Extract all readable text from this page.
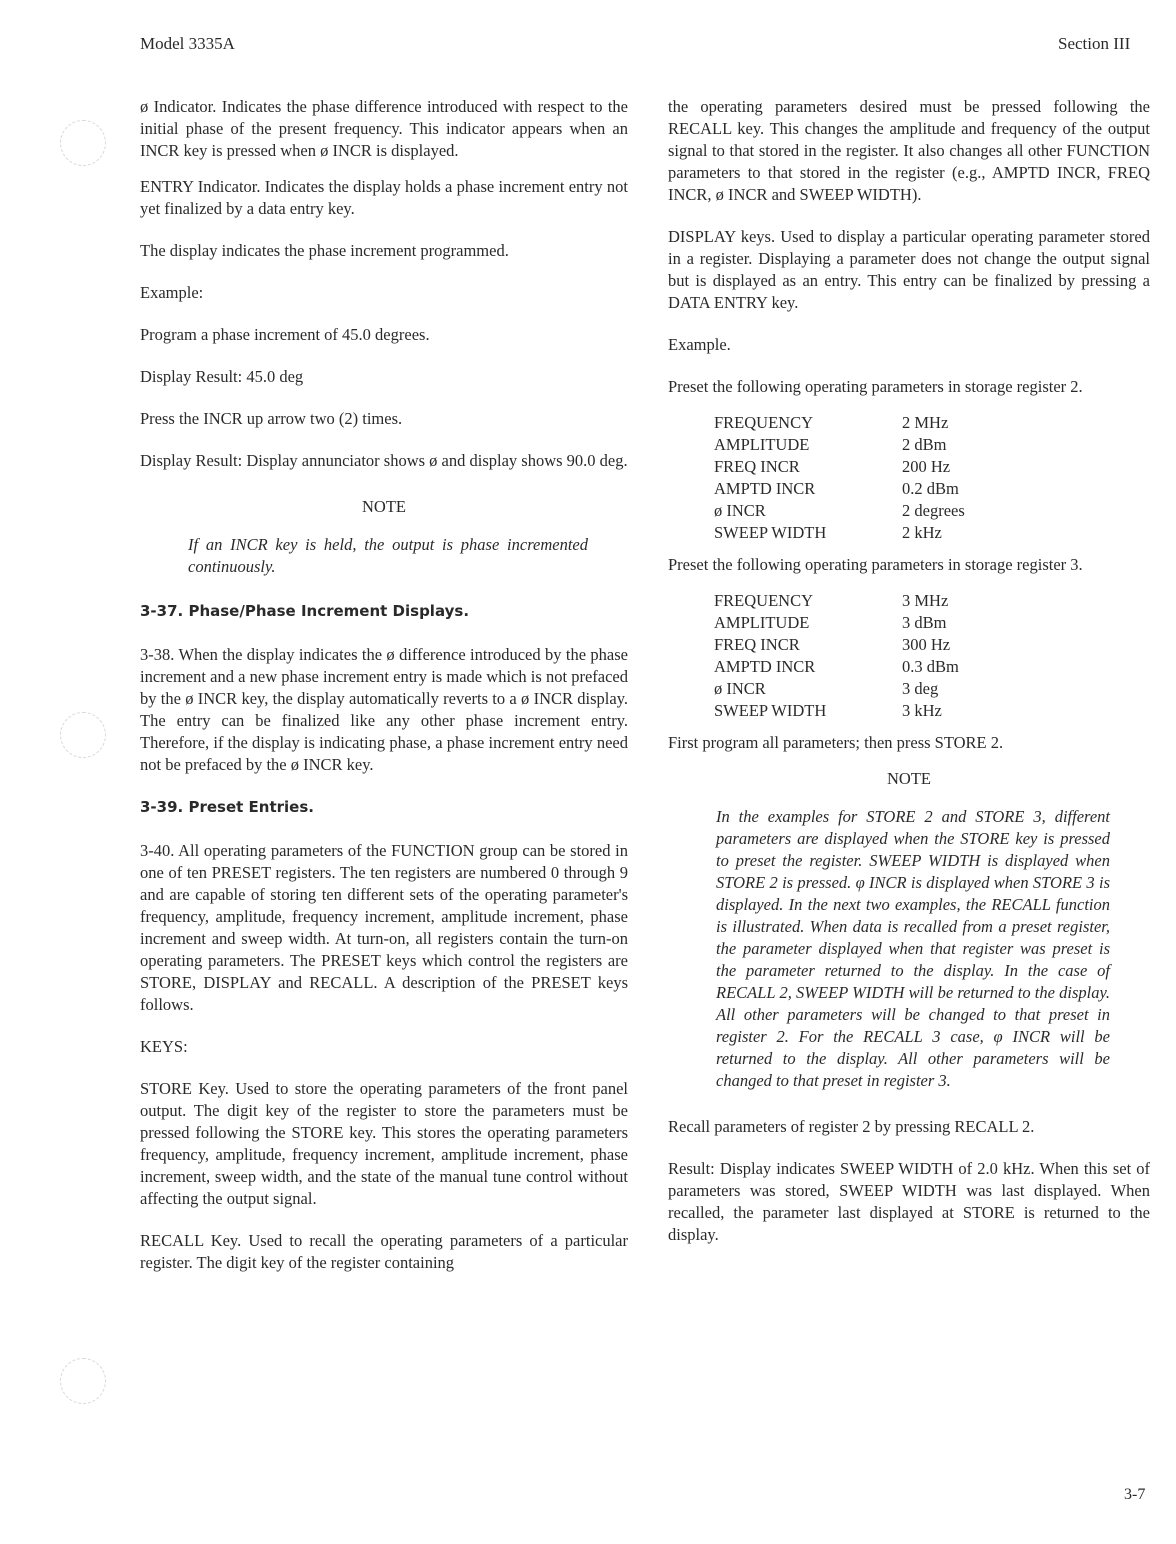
Model 3335A	Section III

ø Indicator. Indicates the phase difference introduced with respect to the initial phase of the present frequency. This indicator appears when an INCR key is pressed when ø INCR is displayed.

ENTRY Indicator. Indicates the display holds a phase increment entry not yet finalized by a data entry key.

The display indicates the phase increment programmed.

Example:

Program a phase increment of 45.0 degrees.

Display Result: 45.0 deg

Press the INCR up arrow two (2) times.

Display Result: Display annunciator shows ø and display shows 90.0 deg.

NOTE

If an INCR key is held, the output is phase incremented continuously.

3-37. Phase/Phase Increment Displays.

3-38. When the display indicates the ø difference introduced by the phase increment and a new phase increment entry is made which is not prefaced by the ø INCR key, the display automatically reverts to a ø INCR display. The entry can be finalized like any other phase increment entry. Therefore, if the display is indicating phase, a phase increment entry need not be prefaced by the ø INCR key.

3-39. Preset Entries.

3-40. All operating parameters of the FUNCTION group can be stored in one of ten PRESET registers. The ten registers are numbered 0 through 9 and are capable of storing ten different sets of the operating parameter's frequency, amplitude, frequency increment, amplitude increment, phase increment and sweep width. At turn-on, all registers contain the turn-on operating parameters. The PRESET keys which control the registers are STORE, DISPLAY and RECALL. A description of the PRESET keys follows.

KEYS:

STORE Key. Used to store the operating parameters of the front panel output. The digit key of the register to store the parameters must be pressed following the STORE key. This stores the operating parameters frequency, amplitude, frequency increment, amplitude increment, phase increment, sweep width, and the state of the manual tune control without affecting the output signal.

RECALL Key. Used to recall the operating parameters of a particular register. The digit key of the register containing

the operating parameters desired must be pressed following the RECALL key. This changes the amplitude and frequency of the output signal to that stored in the register. It also changes all other FUNCTION parameters to that stored in the register (e.g., AMPTD INCR, FREQ INCR, ø INCR and SWEEP WIDTH).

DISPLAY keys. Used to display a particular operating parameter stored in a register. Displaying a parameter does not change the output signal but is displayed as an entry. This entry can be finalized by pressing a DATA ENTRY key.

Example.

Preset the following operating parameters in storage register 2.

FREQUENCY	2 MHz
AMPLITUDE	2 dBm
FREQ INCR	200 Hz
AMPTD INCR	0.2 dBm
ø INCR	2 degrees
SWEEP WIDTH	2 kHz

Preset the following operating parameters in storage register 3.

FREQUENCY	3 MHz
AMPLITUDE	3 dBm
FREQ INCR	300 Hz
AMPTD INCR	0.3 dBm
ø INCR	3 deg
SWEEP WIDTH	3 kHz

First program all parameters; then press STORE 2.

NOTE

In the examples for STORE 2 and STORE 3, different parameters are displayed when the STORE key is pressed to preset the register. SWEEP WIDTH is displayed when STORE 2 is pressed. φ INCR is displayed when STORE 3 is displayed. In the next two examples, the RECALL function is illustrated. When data is recalled from a preset register, the parameter displayed when that register was preset is the parameter returned to the display. In the case of RECALL 2, SWEEP WIDTH will be returned to the display. All other parameters will be changed to that preset in register 2. For the RECALL 3 case, φ INCR will be returned to the display. All other parameters will be changed to that preset in register 3.

Recall parameters of register 2 by pressing RECALL 2.

Result: Display indicates SWEEP WIDTH of 2.0 kHz. When this set of parameters was stored, SWEEP WIDTH was last displayed. When recalled, the parameter last displayed at STORE is returned to the display.

3-7
